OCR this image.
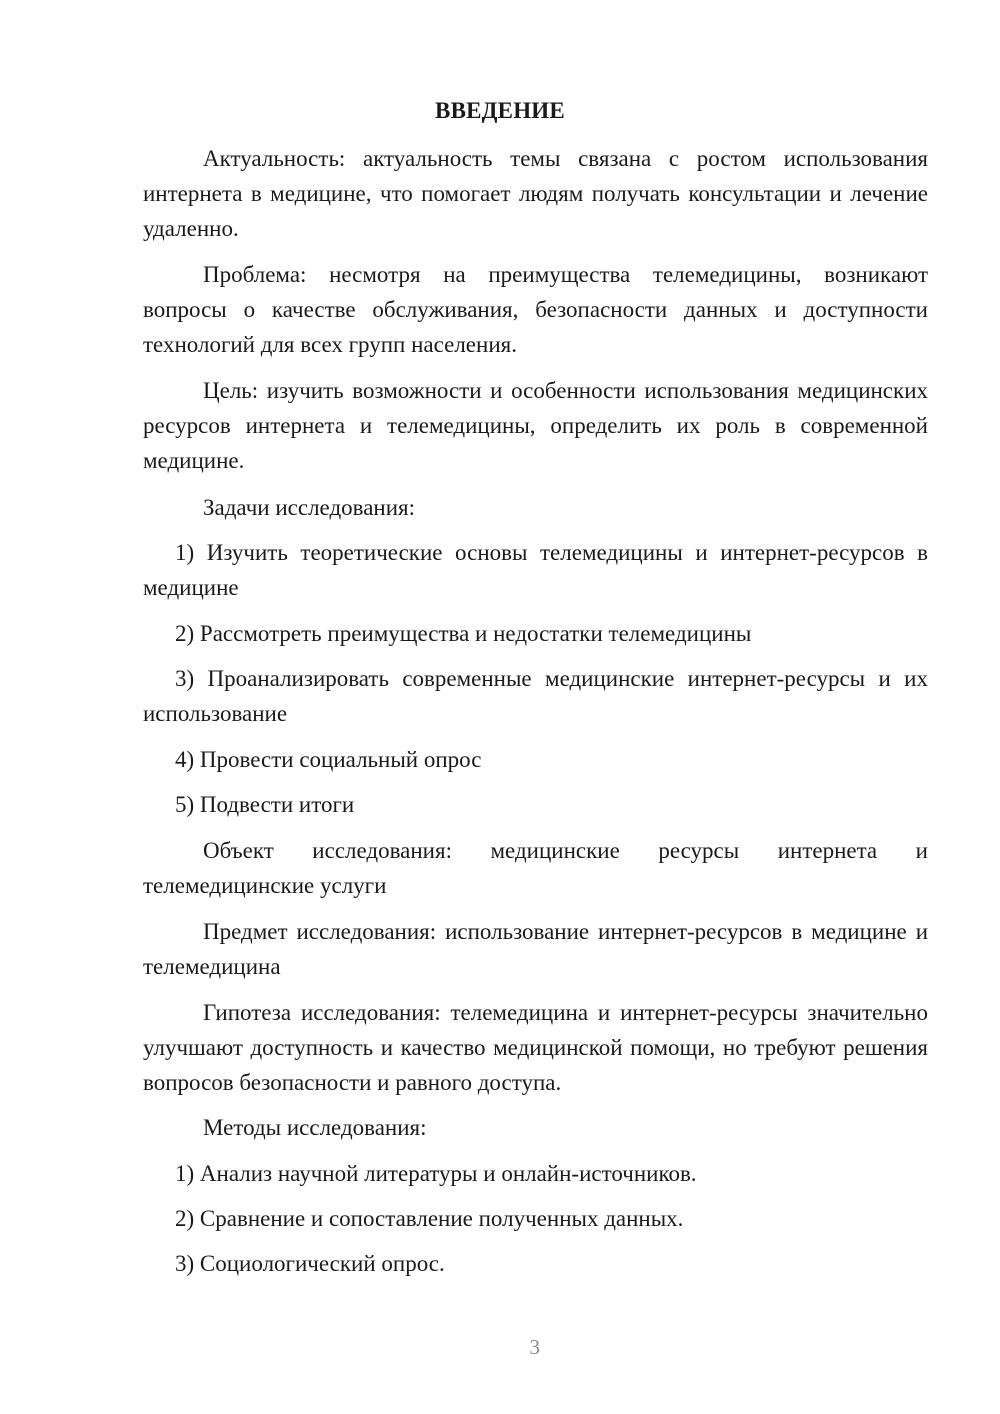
ВВЕДЕНИЕ

Актуальность: актуальность темы связана с ростом использования интернета в медицине, что помогает людям получать консультации и лечение удаленно.

Проблема: несмотря на преимущества телемедицины, возникают вопросы о качестве обслуживания, безопасности данных и доступности технологий для всех групп населения.

Цель: изучить возможности и особенности использования медицинских ресурсов интернета и телемедицины, определить их роль в современной медицине.

Задачи исследования:

1) Изучить теоретические основы телемедицины и интернет-ресурсов в медицине

2) Рассмотреть преимущества и недостатки телемедицины

3) Проанализировать современные медицинские интернет-ресурсы и их использование

4) Провести социальный опрос

5) Подвести итоги

Объект исследования: медицинские ресурсы интернета и телемедицинские услуги

Предмет исследования: использование интернет-ресурсов в медицине и телемедицина

Гипотеза исследования: телемедицина и интернет-ресурсы значительно улучшают доступность и качество медицинской помощи, но требуют решения вопросов безопасности и равного доступа.

Методы исследования:

1) Анализ научной литературы и онлайн-источников.

2) Сравнение и сопоставление полученных данных.

3) Социологический опрос.

3
